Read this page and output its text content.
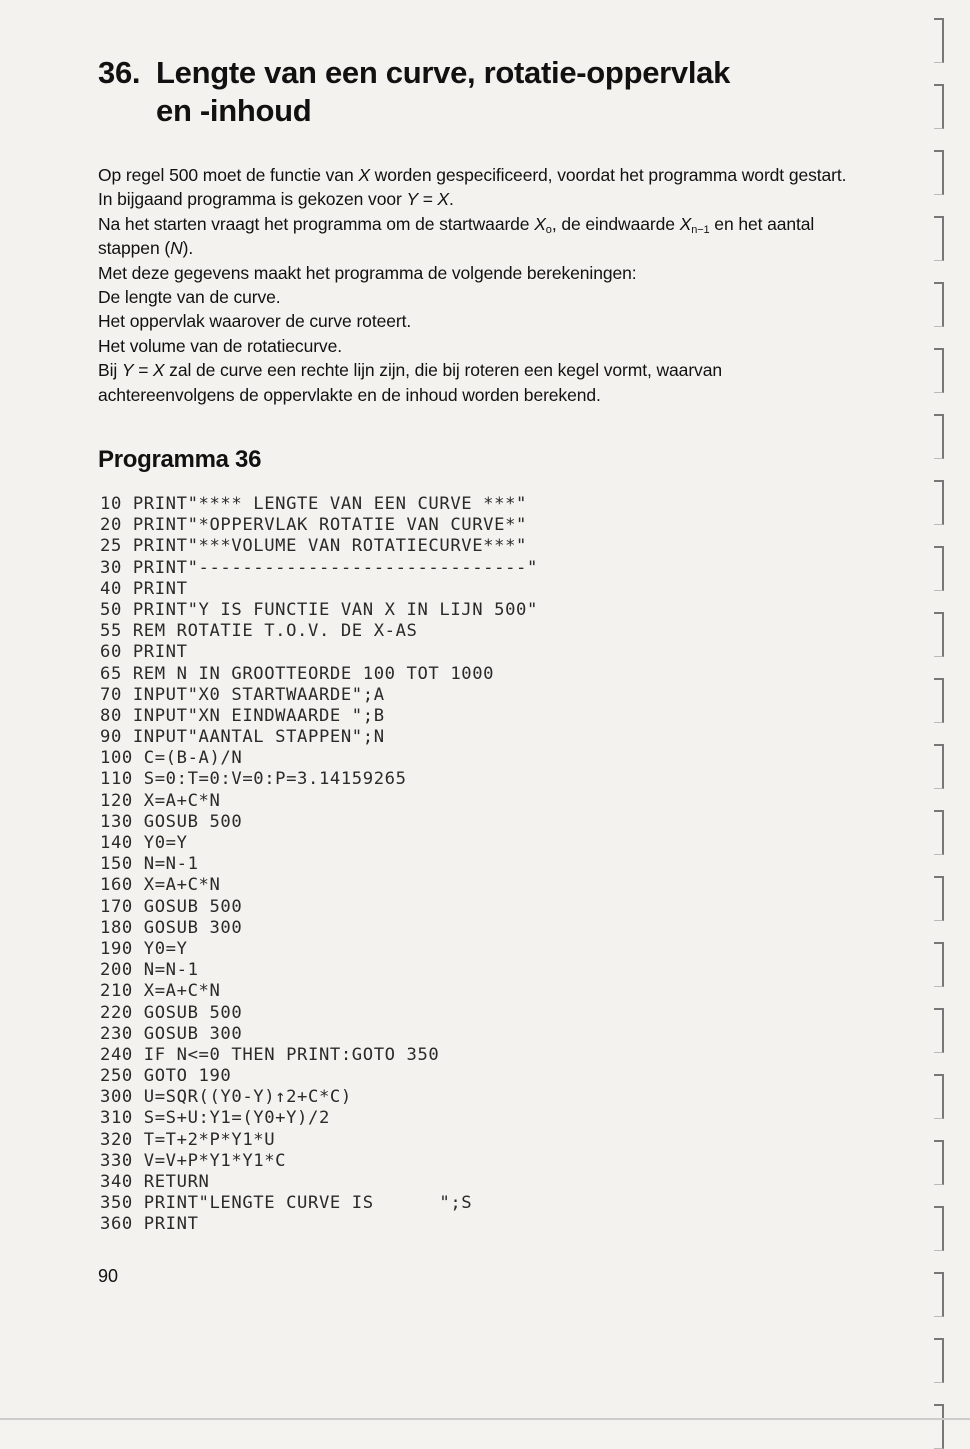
36. Lengte van een curve, rotatie-oppervlak
en -inhoud

Op regel 500 moet de functie van X worden gespecificeerd, voordat het programma wordt gestart. In bijgaand programma is gekozen voor Y = X.

Na het starten vraagt het programma om de startwaarde $X_o$, de eindwaarde $X_{n-1}$ en het aantal stappen (N).

Met deze gegevens maakt het programma de volgende berekeningen:

De lengte van de curve.

Het oppervlak waarover de curve roteert.

Het volume van de rotatiecurve.

Bij Y = X zal de curve een rechte lijn zijn, die bij roteren een kegel vormt, waarvan achtereenvolgens de oppervlakte en de inhoud worden berekend.

Programma 36
10 PRINT"**** LENGTE VAN EEN CURVE ***"
20 PRINT"*OPPERVLAK ROTATIE VAN CURVE*"
25 PRINT"***VOLUME VAN ROTATIECURVE***"
30 PRINT"------------------------------"
40 PRINT
50 PRINT"Y IS FUNCTIE VAN X IN LIJN 500"
55 REM ROTATIE T.O.V. DE X-AS
60 PRINT
65 REM N IN GROOTTEORDE 100 TOT 1000
70 INPUT"X0 STARTWAARDE";A
80 INPUT"XN EINDWAARDE ";B
90 INPUT"AANTAL STAPPEN";N
100 C=(B-A)/N
110 S=0:T=0:V=0:P=3.14159265
120 X=A+C*N
130 GOSUB 500
140 Y0=Y
150 N=N-1
160 X=A+C*N
170 GOSUB 500
180 GOSUB 300
190 Y0=Y
200 N=N-1
210 X=A+C*N
220 GOSUB 500
230 GOSUB 300
240 IF N<=0 THEN PRINT:GOTO 350
250 GOTO 190
300 U=SQR((Y0-Y)↑2+C*C)
310 S=S+U:Y1=(Y0+Y)/2
320 T=T+2*P*Y1*U
330 V=V+P*Y1*Y1*C
340 RETURN
350 PRINT"LENGTE CURVE IS      ";S
360 PRINT
90
